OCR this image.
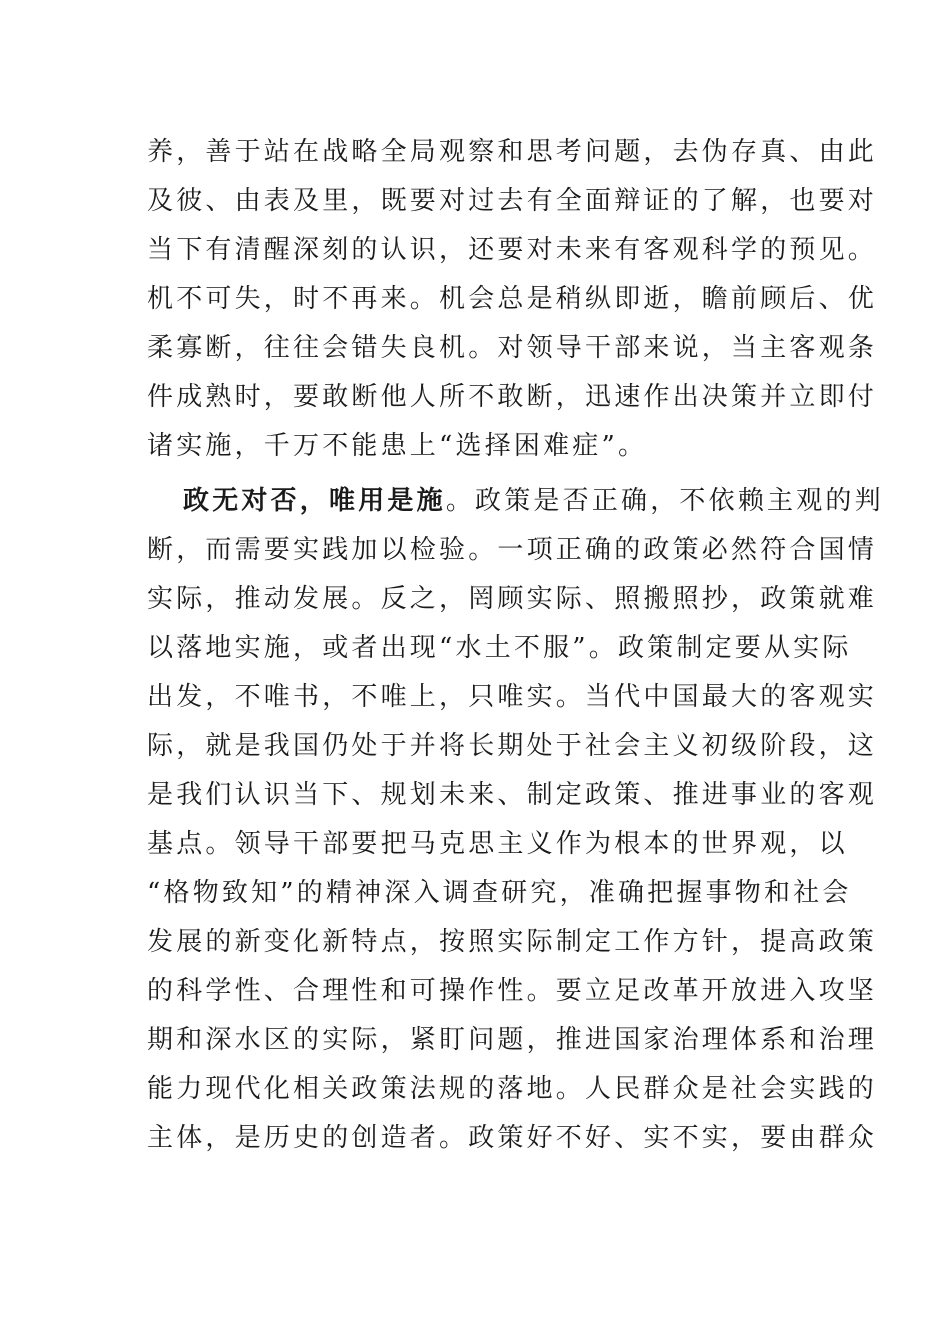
养，善于站在战略全局观察和思考问题，去伪存真、由此
及彼、由表及里，既要对过去有全面辩证的了解，也要对
当下有清醒深刻的认识，还要对未来有客观科学的预见。
机不可失，时不再来。机会总是稍纵即逝，瞻前顾后、优
柔寡断，往往会错失良机。对领导干部来说，当主客观条
件成熟时，要敢断他人所不敢断，迅速作出决策并立即付
诸实施，千万不能患上“选择困难症”。
政无对否，唯用是施。政策是否正确，不依赖主观的判
断，而需要实践加以检验。一项正确的政策必然符合国情
实际，推动发展。反之，罔顾实际、照搬照抄，政策就难
以落地实施，或者出现“水土不服”。政策制定要从实际
出发，不唯书，不唯上，只唯实。当代中国最大的客观实
际，就是我国仍处于并将长期处于社会主义初级阶段，这
是我们认识当下、规划未来、制定政策、推进事业的客观
基点。领导干部要把马克思主义作为根本的世界观，以
“格物致知”的精神深入调查研究，准确把握事物和社会
发展的新变化新特点，按照实际制定工作方针，提高政策
的科学性、合理性和可操作性。要立足改革开放进入攻坚
期和深水区的实际，紧盯问题，推进国家治理体系和治理
能力现代化相关政策法规的落地。人民群众是社会实践的
主体，是历史的创造者。政策好不好、实不实，要由群众
